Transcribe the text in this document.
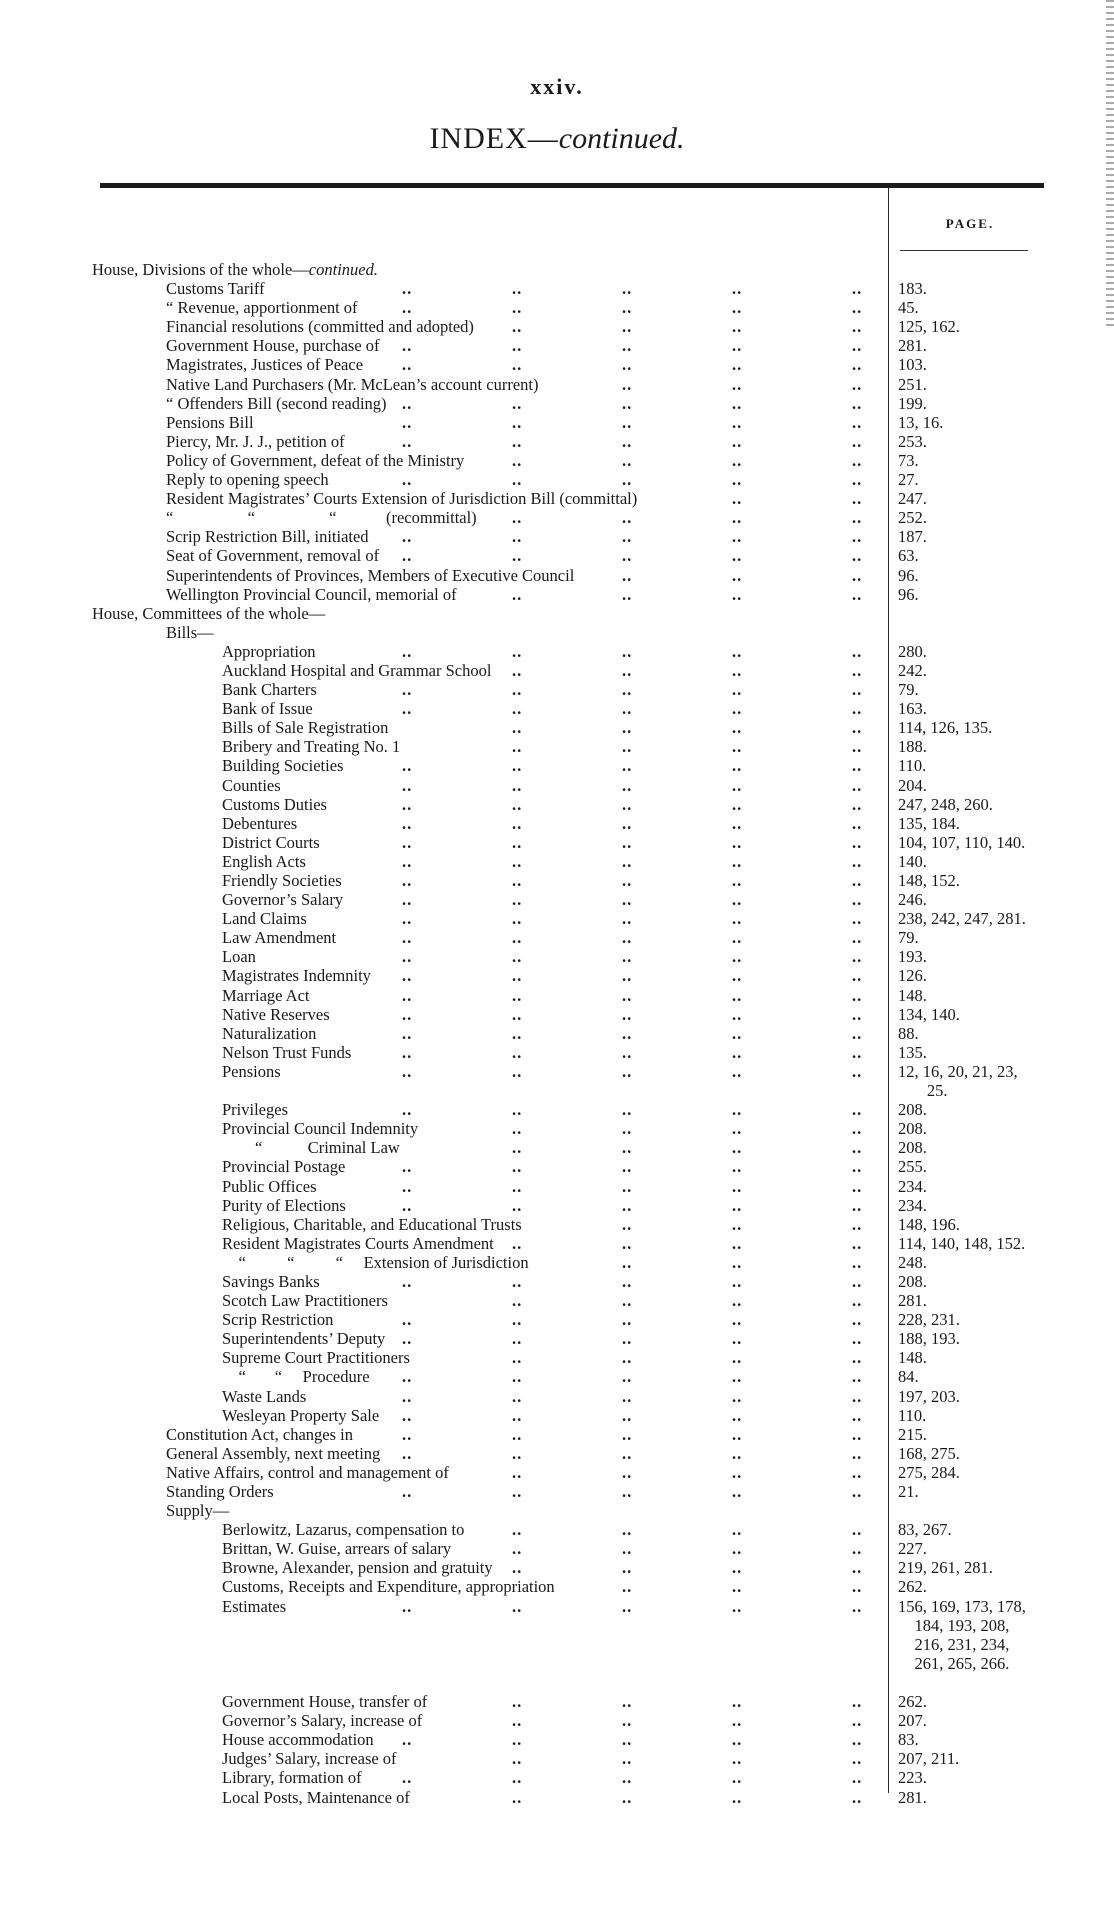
xxiv.
INDEX—continued.
PAGE.
House, Divisions of the whole—continued.
Customs Tariff	..	..	..	..	.. 183.
“ Revenue, apportionment of	..	..	..	..	.. 45.
Financial resolutions (committed and adopted) ..	..	..	.. 125, 162.
Government House, purchase of ..	..	..	..	.. 281.
Magistrates, Justices of Peace ..	..	..	..	.. 103.
Native Land Purchasers (Mr. McLean’s account current)	..	..	.. 251.
“ Offenders Bill (second reading) ..	..	..	..	.. 199.
Pensions Bill	..	..	..	..	.. 13, 16.
Piercy, Mr. J. J., petition of	..	..	..	..	.. 253.
Policy of Government, defeat of the Ministry	..	..	..	.. 73.
Reply to opening speech	..	..	..	..	.. 27.
Resident Magistrates’ Courts Extension of Jurisdiction Bill (committal)	..	.. 247.
“                  “                  “            (recommittal) ..	..	..	.. 252.
Scrip Restriction Bill, initiated ..	..	..	..	.. 187.
Seat of Government, removal of ..	..	..	..	.. 63.
Superintendents of Provinces, Members of Executive Council	..	..	.. 96.
Wellington Provincial Council, memorial of	..	..	..	.. 96.
House, Committees of the whole—
Bills—
Appropriation	..	..	..	..	.. 280.
Auckland Hospital and Grammar School ..	..	..	.. 242.
Bank Charters	..	..	..	..	.. 79.
Bank of Issue	..	..	..	..	.. 163.
Bills of Sale Registration	..	..	..	.. 114, 126, 135.
Bribery and Treating No. 1	..	..	..	.. 188.
Building Societies	..	..	..	..	.. 110.
Counties	..	..	..	..	.. 204.
Customs Duties	..	..	..	..	.. 247, 248, 260.
Debentures	..	..	..	..	.. 135, 184.
District Courts	..	..	..	..	.. 104, 107, 110, 140.
English Acts	..	..	..	..	.. 140.
Friendly Societies	..	..	..	..	.. 148, 152.
Governor’s Salary	..	..	..	..	.. 246.
Land Claims	..	..	..	..	.. 238, 242, 247, 281.
Law Amendment	..	..	..	..	.. 79.
Loan	..	..	..	..	.. 193.
Magistrates Indemnity ..	..	..	..	.. 126.
Marriage Act	..	..	..	..	.. 148.
Native Reserves	..	..	..	..	.. 134, 140.
Naturalization	..	..	..	..	.. 88.
Nelson Trust Funds	..	..	..	..	.. 135.
Pensions	..	..	..	..	.. 12, 16, 20, 21, 23,
25.
Privileges	..	..	..	..	.. 208.
Provincial Council Indemnity	..	..	..	.. 208.
“           Criminal Law	..	..	..	.. 208.
Provincial Postage	..	..	..	..	.. 255.
Public Offices	..	..	..	..	.. 234.
Purity of Elections	..	..	..	..	.. 234.
Religious, Charitable, and Educational Trusts	..	..	.. 148, 196.
Resident Magistrates Courts Amendment ..	..	..	.. 114, 140, 148, 152.
“          “          “     Extension of Jurisdiction	..	..	.. 248.
Savings Banks	..	..	..	..	.. 208.
Scotch Law Practitioners	..	..	..	.. 281.
Scrip Restriction	..	..	..	..	.. 228, 231.
Superintendents’ Deputy ..	..	..	..	.. 188, 193.
Supreme Court Practitioners	..	..	..	.. 148.
“       “     Procedure ..	..	..	..	.. 84.
Waste Lands	..	..	..	..	.. 197, 203.
Wesleyan Property Sale ..	..	..	..	.. 110.
Constitution Act, changes in	..	..	..	..	.. 215.
General Assembly, next meeting ..	..	..	..	.. 168, 275.
Native Affairs, control and management of	..	..	..	.. 275, 284.
Standing Orders	..	..	..	..	.. 21.
Supply—
Berlowitz, Lazarus, compensation to	..	..	..	.. 83, 267.
Brittan, W. Guise, arrears of salary	..	..	..	.. 227.
Browne, Alexander, pension and gratuity ..	..	..	.. 219, 261, 281.
Customs, Receipts and Expenditure, appropriation	..	..	.. 262.
Estimates	..	..	..	..	.. 156, 169, 173, 178,
184, 193, 208,
216, 231, 234,
261, 265, 266.
Government House, transfer of	..	..	..	.. 262.
Governor’s Salary, increase of	..	..	..	.. 207.
House accommodation ..	..	..	..	.. 83.
Judges’ Salary, increase of	..	..	..	.. 207, 211.
Library, formation of ..	..	..	..	.. 223.
Local Posts, Maintenance of	..	..	..	.. 281.
